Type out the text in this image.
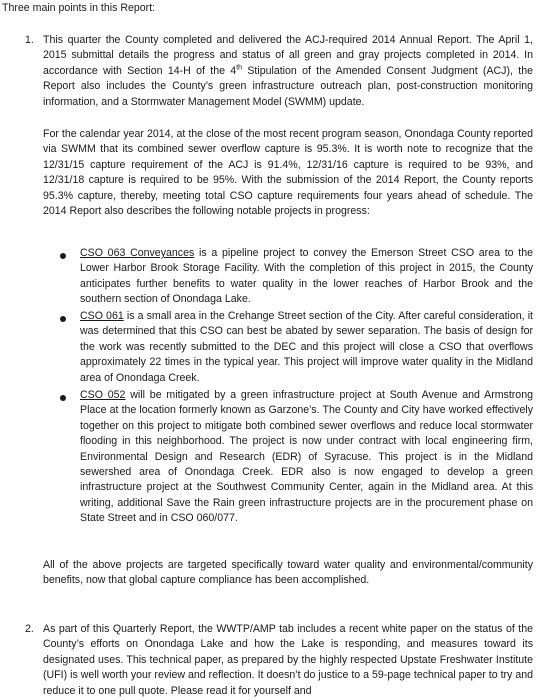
Three main points in this Report:

1. This quarter the County completed and delivered the ACJ-required 2014 Annual Report. The April 1, 2015 submittal details the progress and status of all green and gray projects completed in 2014. In accordance with Section 14-H of the 4th Stipulation of the Amended Consent Judgment (ACJ), the Report also includes the County’s green infrastructure outreach plan, post-construction monitoring information, and a Stormwater Management Model (SWMM) update.

For the calendar year 2014, at the close of the most recent program season, Onondaga County reported via SWMM that its combined sewer overflow capture is 95.3%. It is worth note to recognize that the 12/31/15 capture requirement of the ACJ is 91.4%, 12/31/16 capture is required to be 93%, and 12/31/18 capture is required to be 95%. With the submission of the 2014 Report, the County reports 95.3% capture, thereby, meeting total CSO capture requirements four years ahead of schedule. The 2014 Report also describes the following notable projects in progress:

CSO 063 Conveyances is a pipeline project to convey the Emerson Street CSO area to the Lower Harbor Brook Storage Facility. With the completion of this project in 2015, the County anticipates further benefits to water quality in the lower reaches of Harbor Brook and the southern section of Onondaga Lake.

CSO 061 is a small area in the Crehange Street section of the City. After careful consideration, it was determined that this CSO can best be abated by sewer separation. The basis of design for the work was recently submitted to the DEC and this project will close a CSO that overflows approximately 22 times in the typical year. This project will improve water quality in the Midland area of Onondaga Creek.

CSO 052 will be mitigated by a green infrastructure project at South Avenue and Armstrong Place at the location formerly known as Garzone’s. The County and City have worked effectively together on this project to mitigate both combined sewer overflows and reduce local stormwater flooding in this neighborhood. The project is now under contract with local engineering firm, Environmental Design and Research (EDR) of Syracuse. This project is in the Midland sewershed area of Onondaga Creek. EDR also is now engaged to develop a green infrastructure project at the Southwest Community Center, again in the Midland area. At this writing, additional Save the Rain green infrastructure projects are in the procurement phase on State Street and in CSO 060/077.

All of the above projects are targeted specifically toward water quality and environmental/community benefits, now that global capture compliance has been accomplished.

2. As part of this Quarterly Report, the WWTP/AMP tab includes a recent white paper on the status of the County’s efforts on Onondaga Lake and how the Lake is responding, and measures toward its designated uses. This technical paper, as prepared by the highly respected Upstate Freshwater Institute (UFI) is well worth your review and reflection. It doesn’t do justice to a 59-page technical paper to try and reduce it to one pull quote. Please read it for yourself and
